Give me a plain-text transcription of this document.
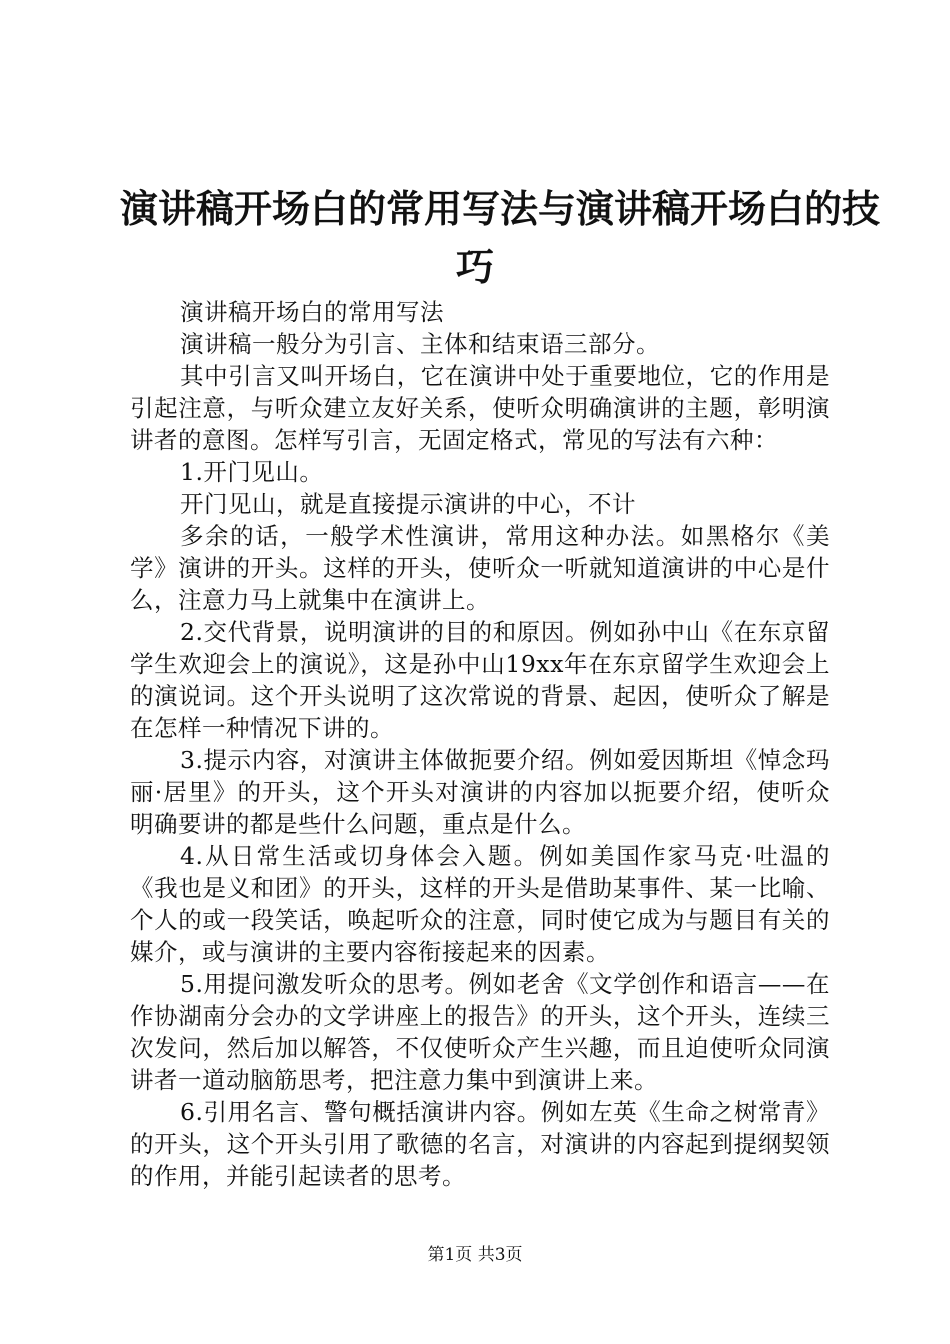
演讲稿开场白的常用写法与演讲稿开场白的技
巧

演讲稿开场白的常用写法

演讲稿一般分为引言、主体和结束语三部分。

其中引言又叫开场白，它在演讲中处于重要地位，它的作用是引起注意，与听众建立友好关系，使听众明确演讲的主题，彰明演讲者的意图。怎样写引言，无固定格式，常见的写法有六种：

1.开门见山。

开门见山，就是直接提示演讲的中心，不计

多余的话，一般学术性演讲，常用这种办法。如黑格尔《美学》演讲的开头。这样的开头，使听众一听就知道演讲的中心是什么，注意力马上就集中在演讲上。

2.交代背景，说明演讲的目的和原因。例如孙中山《在东京留学生欢迎会上的演说》，这是孙中山19xx年在东京留学生欢迎会上的演说词。这个开头说明了这次常说的背景、起因，使听众了解是在怎样一种情况下讲的。

3.提示内容，对演讲主体做扼要介绍。例如爱因斯坦《悼念玛丽·居里》的开头，这个开头对演讲的内容加以扼要介绍，使听众明确要讲的都是些什么问题，重点是什么。

4.从日常生活或切身体会入题。例如美国作家马克·吐温的《我也是义和团》的开头，这样的开头是借助某事件、某一比喻、个人的或一段笑话，唤起听众的注意，同时使它成为与题目有关的媒介，或与演讲的主要内容衔接起来的因素。

5.用提问激发听众的思考。例如老舍《文学创作和语言——在作协湖南分会办的文学讲座上的报告》的开头，这个开头，连续三次发问，然后加以解答，不仅使听众产生兴趣，而且迫使听众同演讲者一道动脑筋思考，把注意力集中到演讲上来。

6.引用名言、警句概括演讲内容。例如左英《生命之树常青》的开头，这个开头引用了歌德的名言，对演讲的内容起到提纲契领的作用，并能引起读者的思考。

第1页 共3页
